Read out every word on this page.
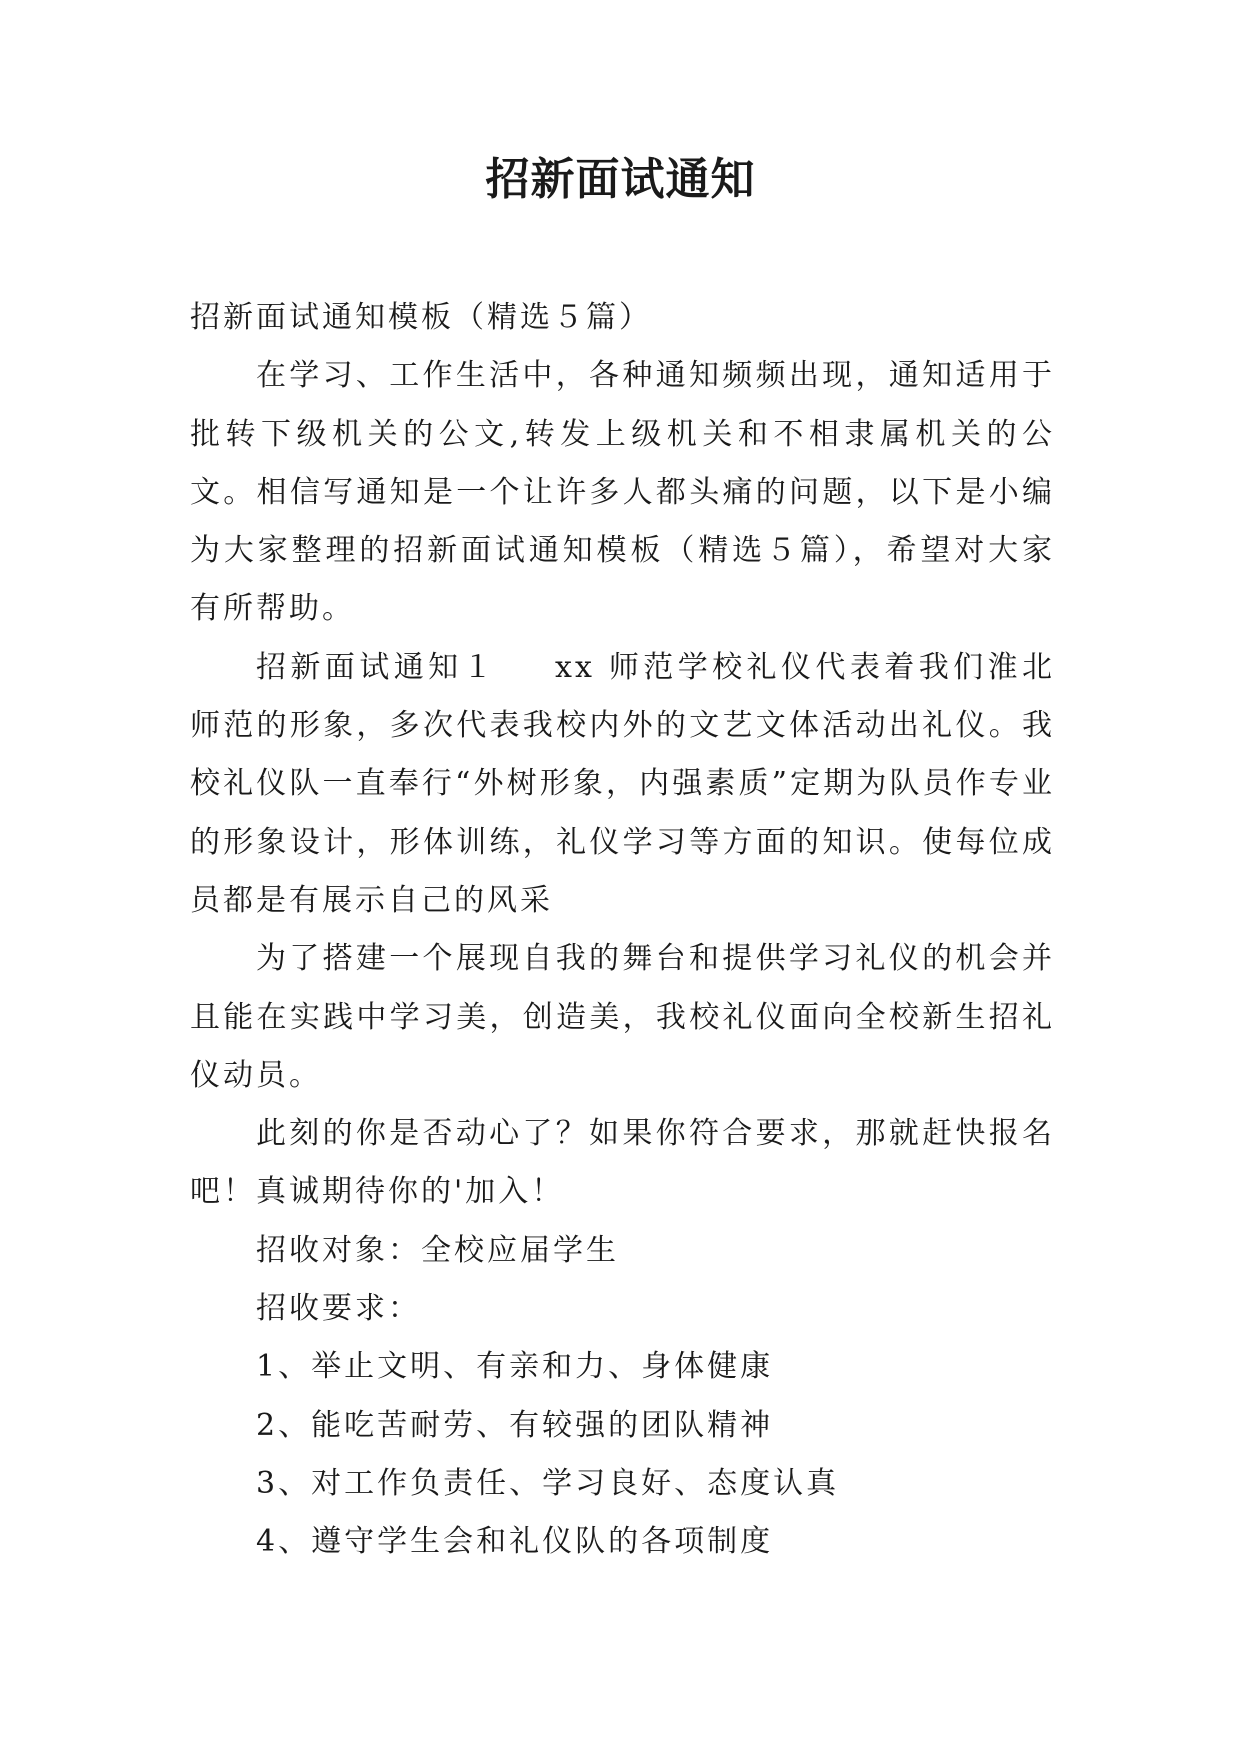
招新面试通知

招新面试通知模板（精选５篇）

在学习、工作生活中，各种通知频频出现，通知适用于批转下级机关的公文,转发上级机关和不相隶属机关的公文。相信写通知是一个让许多人都头痛的问题，以下是小编为大家整理的招新面试通知模板（精选５篇），希望对大家有所帮助。

招新面试通知１ xx 师范学校礼仪代表着我们淮北师范的形象，多次代表我校内外的文艺文体活动出礼仪。我校礼仪队一直奉行“外树形象，内强素质”定期为队员作专业的形象设计，形体训练，礼仪学习等方面的知识。使每位成员都是有展示自己的风采

为了搭建一个展现自我的舞台和提供学习礼仪的机会并且能在实践中学习美，创造美，我校礼仪面向全校新生招礼仪动员。

此刻的你是否动心了？如果你符合要求，那就赶快报名吧！真诚期待你的'加入！

招收对象：全校应届学生

招收要求：

1、举止文明、有亲和力、身体健康

2、能吃苦耐劳、有较强的团队精神

3、对工作负责任、学习良好、态度认真

4、遵守学生会和礼仪队的各项制度
